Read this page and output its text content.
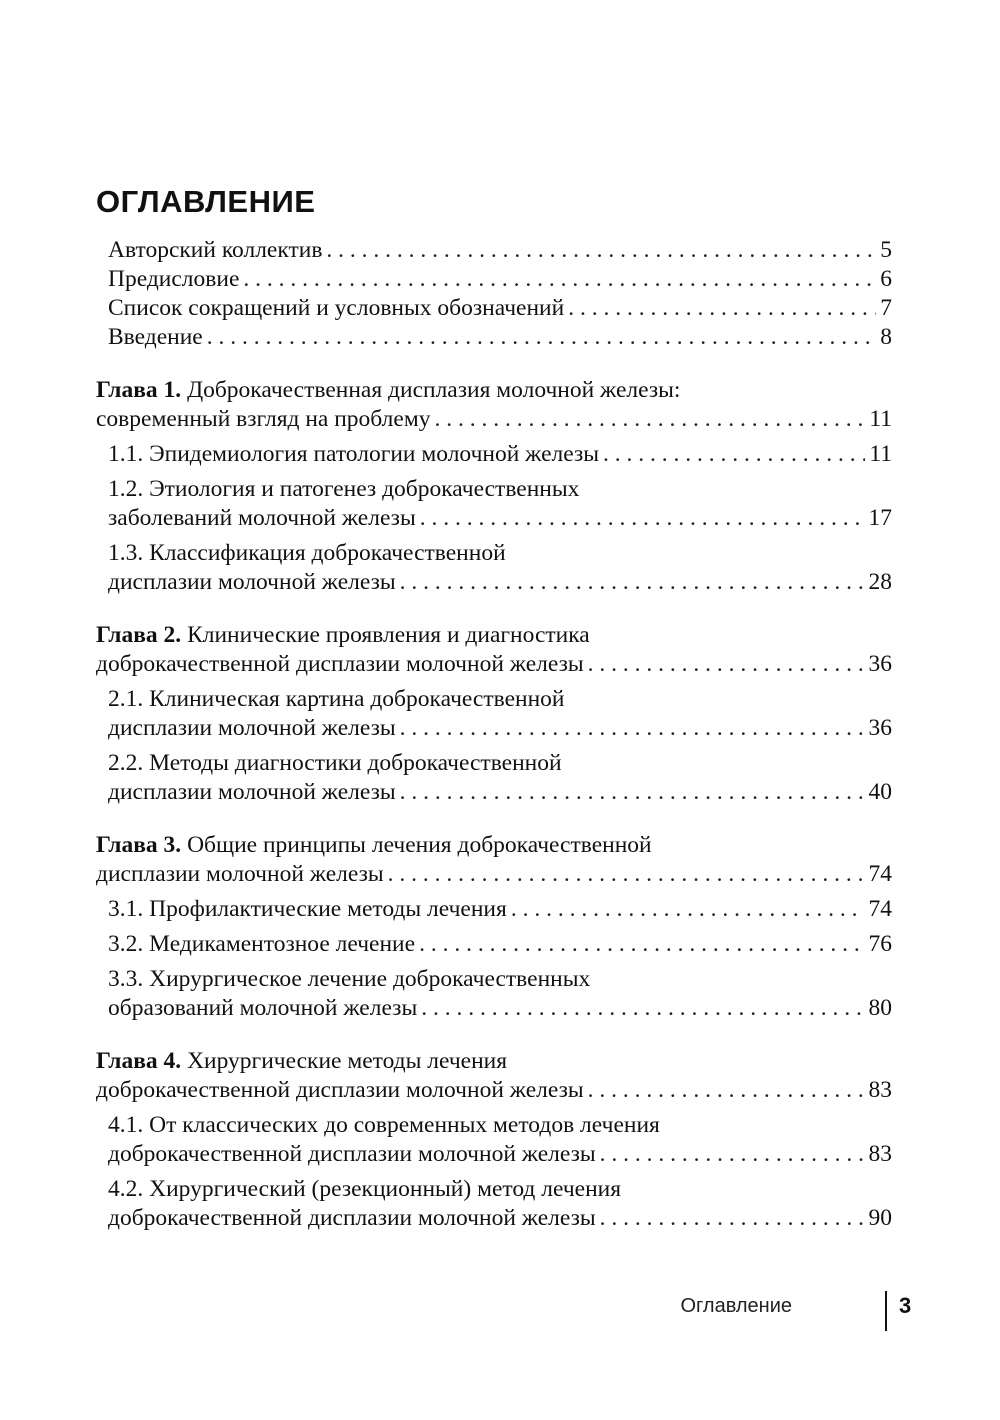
ОГЛАВЛЕНИЕ
Авторский коллектив . . .	5
Предисловие . . .	6
Список сокращений и условных обозначений . . .	7
Введение . . .	8
Глава 1. Доброкачественная дисплазия молочной железы:
современный взгляд на проблему . . .	11
1.1. Эпидемиология патологии молочной железы . . .	11
1.2. Этиология и патогенез доброкачественных
заболеваний молочной железы . . .	17
1.3. Классификация доброкачественной
дисплазии молочной железы . . .	28
Глава 2. Клинические проявления и диагностика
доброкачественной дисплазии молочной железы . . .	36
2.1. Клиническая картина доброкачественной
дисплазии молочной железы . . .	36
2.2. Методы диагностики доброкачественной
дисплазии молочной железы . . .	40
Глава 3. Общие принципы лечения доброкачественной
дисплазии молочной железы . . .	74
3.1. Профилактические методы лечения . . .	74
3.2. Медикаментозное лечение . . .	76
3.3. Хирургическое лечение доброкачественных
образований молочной железы . . .	80
Глава 4. Хирургические методы лечения
доброкачественной дисплазии молочной железы . . .	83
4.1. От классических до современных методов лечения
доброкачественной дисплазии молочной железы . . .	83
4.2. Хирургический (резекционный) метод лечения
доброкачественной дисплазии молочной железы . . .	90
Оглавление	3
